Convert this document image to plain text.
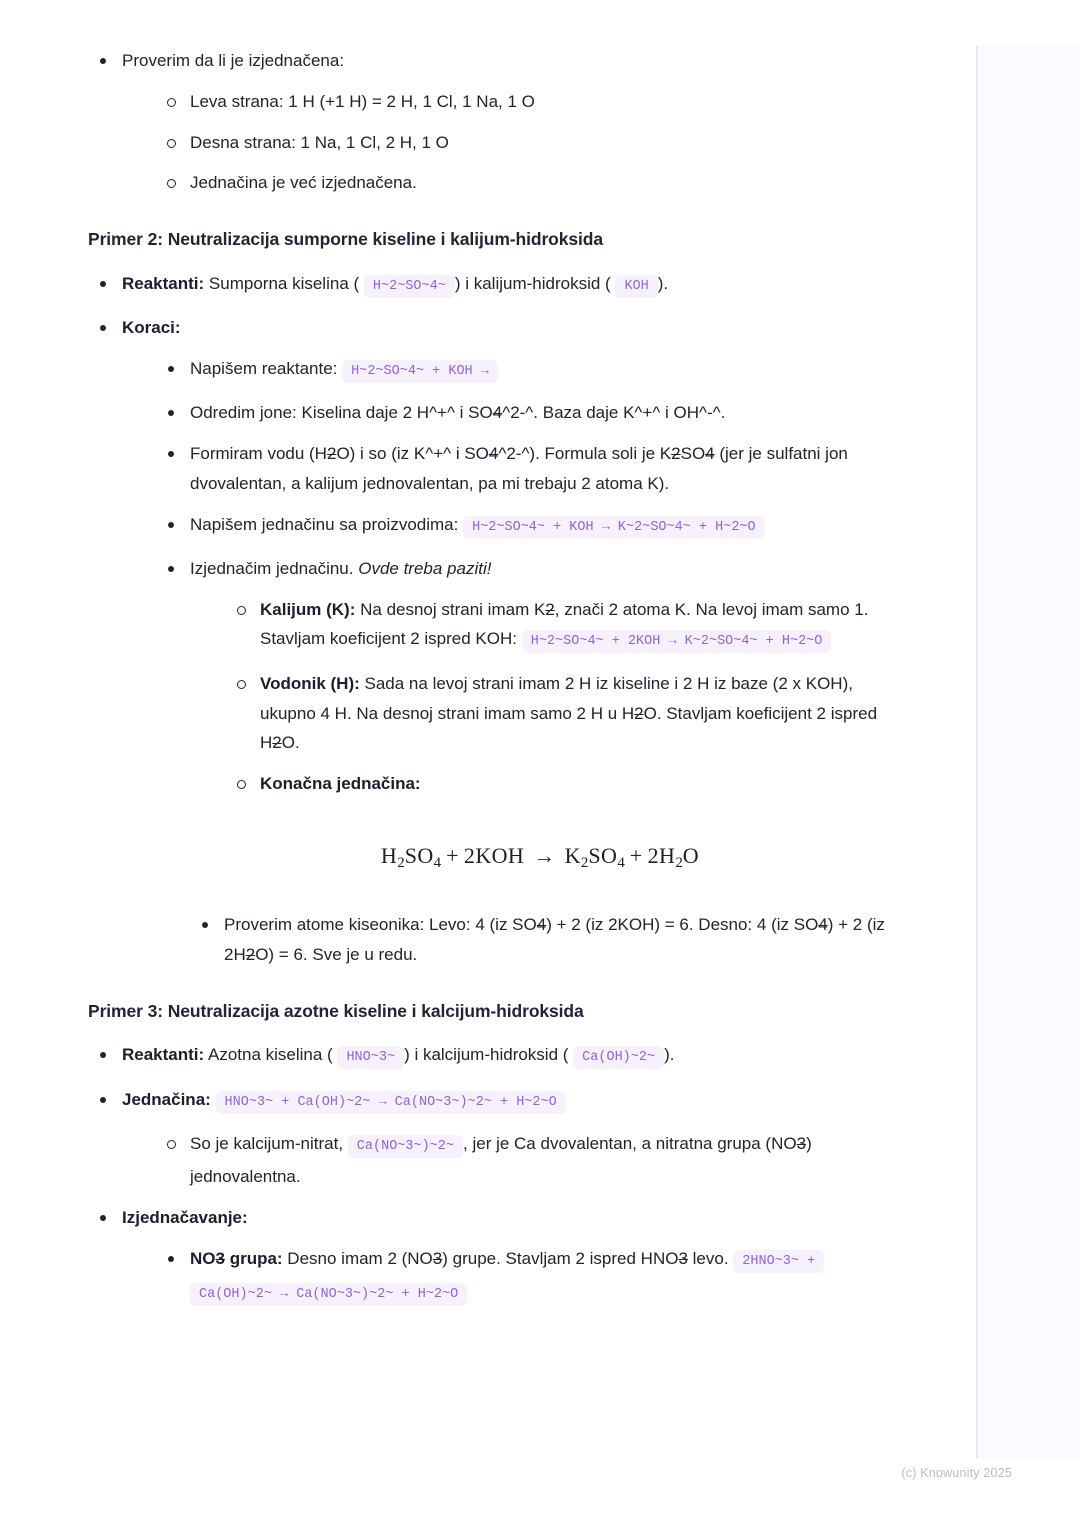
Proverim da li je izjednačena:
Leva strana: 1 H (+1 H) = 2 H, 1 Cl, 1 Na, 1 O
Desna strana: 1 Na, 1 Cl, 2 H, 1 O
Jednačina je već izjednačena.
Primer 2: Neutralizacija sumporne kiseline i kalijum-hidroksida
Reaktanti: Sumporna kiselina ( H~2~SO~4~ ) i kalijum-hidroksid ( KOH ).
Koraci:
Napišem reaktante: H~2~SO~4~ + KOH →
Odredim jone: Kiselina daje 2 H^+^ i SO4^2-^. Baza daje K^+^ i OH^-^.
Formiram vodu (H2O) i so (iz K^+^ i SO4^2-^). Formula soli je K2SO4 (jer je sulfatni jon dvovalentan, a kalijum jednovalentan, pa mi trebaju 2 atoma K).
Napišem jednačinu sa proizvodima: H~2~SO~4~ + KOH → K~2~SO~4~ + H~2~O
Izjednačim jednačinu. Ovde treba paziti!
Kalijum (K): Na desnoj strani imam K2, znači 2 atoma K. Na levoj imam samo 1. Stavljam koeficijent 2 ispred KOH: H~2~SO~4~ + 2KOH → K~2~SO~4~ + H~2~O
Vodonik (H): Sada na levoj strani imam 2 H iz kiseline i 2 H iz baze (2 x KOH), ukupno 4 H. Na desnoj strani imam samo 2 H u H2O. Stavljam koeficijent 2 ispred H2O.
Konačna jednačina:
$H_2SO_4 + 2KOH \to K_2SO_4 + 2H_2O$
Proverim atome kiseonika: Levo: 4 (iz SO4) + 2 (iz 2KOH) = 6. Desno: 4 (iz SO4) + 2 (iz 2H2O) = 6. Sve je u redu.
Primer 3: Neutralizacija azotne kiseline i kalcijum-hidroksida
Reaktanti: Azotna kiselina ( HNO~3~ ) i kalcijum-hidroksid ( Ca(OH)~2~ ).
Jednačina: HNO~3~ + Ca(OH)~2~ → Ca(NO~3~)~2~ + H~2~O
So je kalcijum-nitrat, Ca(NO~3~)~2~ , jer je Ca dvovalentan, a nitratna grupa (NO3) jednovalentna.
Izjednačavanje:
NO3 grupa: Desno imam 2 (NO3) grupe. Stavljam 2 ispred HNO3 levo. 2HNO~3~ + Ca(OH)~2~ → Ca(NO~3~)~2~ + H~2~O
(c) Knowunity 2025
